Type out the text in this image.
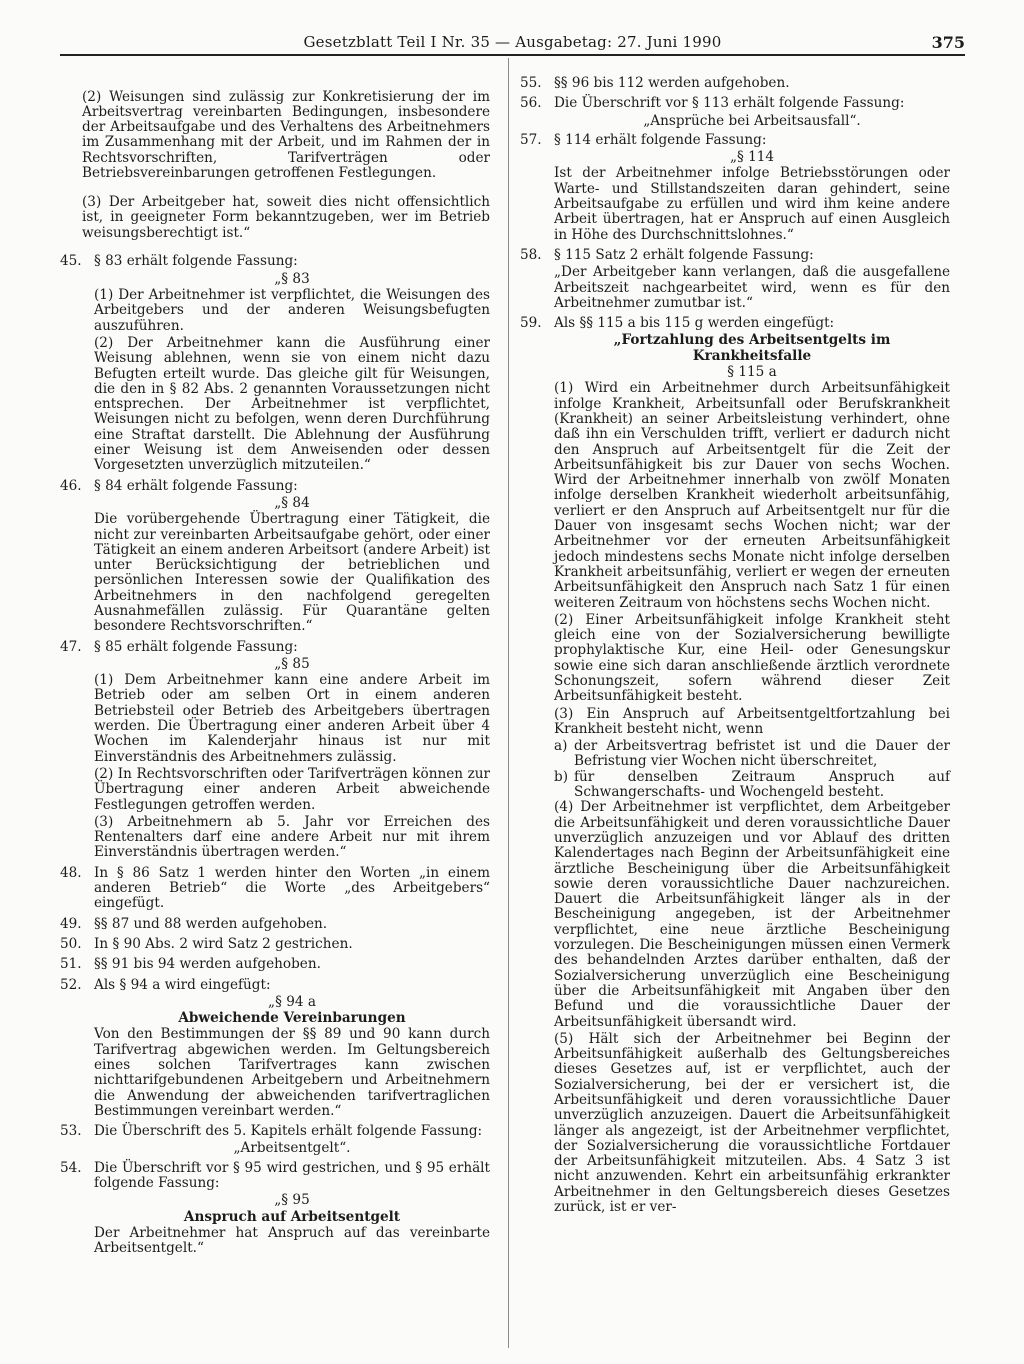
Gesetzblatt Teil I Nr. 35 — Ausgabetag: 27. Juni 1990	375

(2) Weisungen sind zulässig zur Konkretisierung der im Arbeitsvertrag vereinbarten Bedingungen, insbesondere der Arbeitsaufgabe und des Verhaltens des Arbeitnehmers im Zusammenhang mit der Arbeit, und im Rahmen der in Rechtsvorschriften, Tarifverträgen oder Betriebsvereinbarungen getroffenen Festlegungen.

(3) Der Arbeitgeber hat, soweit dies nicht offensichtlich ist, in geeigneter Form bekanntzugeben, wer im Betrieb weisungsberechtigt ist.“

45. § 83 erhält folgende Fassung:

„§ 83

(1) Der Arbeitnehmer ist verpflichtet, die Weisungen des Arbeitgebers und der anderen Weisungsbefugten auszuführen.

(2) Der Arbeitnehmer kann die Ausführung einer Weisung ablehnen, wenn sie von einem nicht dazu Befugten erteilt wurde. Das gleiche gilt für Weisungen, die den in § 82 Abs. 2 genannten Voraussetzungen nicht entsprechen. Der Arbeitnehmer ist verpflichtet, Weisungen nicht zu befolgen, wenn deren Durchführung eine Straftat darstellt. Die Ablehnung der Ausführung einer Weisung ist dem Anweisenden oder dessen Vorgesetzten unverzüglich mitzuteilen.“

46. § 84 erhält folgende Fassung:

„§ 84

Die vorübergehende Übertragung einer Tätigkeit, die nicht zur vereinbarten Arbeitsaufgabe gehört, oder einer Tätigkeit an einem anderen Arbeitsort (andere Arbeit) ist unter Berücksichtigung der betrieblichen und persönlichen Interessen sowie der Qualifikation des Arbeitnehmers in den nachfolgend geregelten Ausnahmefällen zulässig. Für Quarantäne gelten besondere Rechtsvorschriften.“

47. § 85 erhält folgende Fassung:

„§ 85

(1) Dem Arbeitnehmer kann eine andere Arbeit im Betrieb oder am selben Ort in einem anderen Betriebsteil oder Betrieb des Arbeitgebers übertragen werden. Die Übertragung einer anderen Arbeit über 4 Wochen im Kalenderjahr hinaus ist nur mit Einverständnis des Arbeitnehmers zulässig.

(2) In Rechtsvorschriften oder Tarifverträgen können zur Übertragung einer anderen Arbeit abweichende Festlegungen getroffen werden.

(3) Arbeitnehmern ab 5. Jahr vor Erreichen des Rentenalters darf eine andere Arbeit nur mit ihrem Einverständnis übertragen werden.“

48. In § 86 Satz 1 werden hinter den Worten „in einem anderen Betrieb“ die Worte „des Arbeitgebers“ eingefügt.

49. §§ 87 und 88 werden aufgehoben.

50. In § 90 Abs. 2 wird Satz 2 gestrichen.

51. §§ 91 bis 94 werden aufgehoben.

52. Als § 94 a wird eingefügt:

„§ 94 a
Abweichende Vereinbarungen

Von den Bestimmungen der §§ 89 und 90 kann durch Tarifvertrag abgewichen werden. Im Geltungsbereich eines solchen Tarifvertrages kann zwischen nichttarifgebundenen Arbeitgebern und Arbeitnehmern die Anwendung der abweichenden tarifvertraglichen Bestimmungen vereinbart werden.“

53. Die Überschrift des 5. Kapitels erhält folgende Fassung:

„Arbeitsentgelt“.
54. Die Überschrift vor § 95 wird gestrichen, und § 95 erhält folgende Fassung:

„§ 95
Anspruch auf Arbeitsentgelt

Der Arbeitnehmer hat Anspruch auf das vereinbarte Arbeitsentgelt.“

55. §§ 96 bis 112 werden aufgehoben.

56. Die Überschrift vor § 113 erhält folgende Fassung:

„Ansprüche bei Arbeitsausfall“.
57. § 114 erhält folgende Fassung:

„§ 114

Ist der Arbeitnehmer infolge Betriebsstörungen oder Warte- und Stillstandszeiten daran gehindert, seine Arbeitsaufgabe zu erfüllen und wird ihm keine andere Arbeit übertragen, hat er Anspruch auf einen Ausgleich in Höhe des Durchschnittslohnes.“

58. § 115 Satz 2 erhält folgende Fassung:

„Der Arbeitgeber kann verlangen, daß die ausgefallene Arbeitszeit nachgearbeitet wird, wenn es für den Arbeitnehmer zumutbar ist.“

59. Als §§ 115 a bis 115 g werden eingefügt:

„Fortzahlung des Arbeitsentgelts im Krankheitsfalle
§ 115 a

(1) Wird ein Arbeitnehmer durch Arbeitsunfähigkeit infolge Krankheit, Arbeitsunfall oder Berufskrankheit (Krankheit) an seiner Arbeitsleistung verhindert, ohne daß ihn ein Verschulden trifft, verliert er dadurch nicht den Anspruch auf Arbeitsentgelt für die Zeit der Arbeitsunfähigkeit bis zur Dauer von sechs Wochen. Wird der Arbeitnehmer innerhalb von zwölf Monaten infolge derselben Krankheit wiederholt arbeitsunfähig, verliert er den Anspruch auf Arbeitsentgelt nur für die Dauer von insgesamt sechs Wochen nicht; war der Arbeitnehmer vor der erneuten Arbeitsunfähigkeit jedoch mindestens sechs Monate nicht infolge derselben Krankheit arbeitsunfähig, verliert er wegen der erneuten Arbeitsunfähigkeit den Anspruch nach Satz 1 für einen weiteren Zeitraum von höchstens sechs Wochen nicht.

(2) Einer Arbeitsunfähigkeit infolge Krankheit steht gleich eine von der Sozialversicherung bewilligte prophylaktische Kur, eine Heil- oder Genesungskur sowie eine sich daran anschließende ärztlich verordnete Schonungszeit, sofern während dieser Zeit Arbeitsunfähigkeit besteht.

(3) Ein Anspruch auf Arbeitsentgeltfortzahlung bei Krankheit besteht nicht, wenn

a) der Arbeitsvertrag befristet ist und die Dauer der Befristung vier Wochen nicht überschreitet,
b) für denselben Zeitraum Anspruch auf Schwangerschafts- und Wochengeld besteht.

(4) Der Arbeitnehmer ist verpflichtet, dem Arbeitgeber die Arbeitsunfähigkeit und deren voraussichtliche Dauer unverzüglich anzuzeigen und vor Ablauf des dritten Kalendertages nach Beginn der Arbeitsunfähigkeit eine ärztliche Bescheinigung über die Arbeitsunfähigkeit sowie deren voraussichtliche Dauer nachzureichen. Dauert die Arbeitsunfähigkeit länger als in der Bescheinigung angegeben, ist der Arbeitnehmer verpflichtet, eine neue ärztliche Bescheinigung vorzulegen. Die Bescheinigungen müssen einen Vermerk des behandelnden Arztes darüber enthalten, daß der Sozialversicherung unverzüglich eine Bescheinigung über die Arbeitsunfähigkeit mit Angaben über den Befund und die voraussichtliche Dauer der Arbeitsunfähigkeit übersandt wird.

(5) Hält sich der Arbeitnehmer bei Beginn der Arbeitsunfähigkeit außerhalb des Geltungsbereiches dieses Gesetzes auf, ist er verpflichtet, auch der Sozialversicherung, bei der er versichert ist, die Arbeitsunfähigkeit und deren voraussichtliche Dauer unverzüglich anzuzeigen. Dauert die Arbeitsunfähigkeit länger als angezeigt, ist der Arbeitnehmer verpflichtet, der Sozialversicherung die voraussichtliche Fortdauer der Arbeitsunfähigkeit mitzuteilen. Abs. 4 Satz 3 ist nicht anzuwenden. Kehrt ein arbeitsunfähig erkrankter Arbeitnehmer in den Geltungsbereich dieses Gesetzes zurück, ist er ver-
